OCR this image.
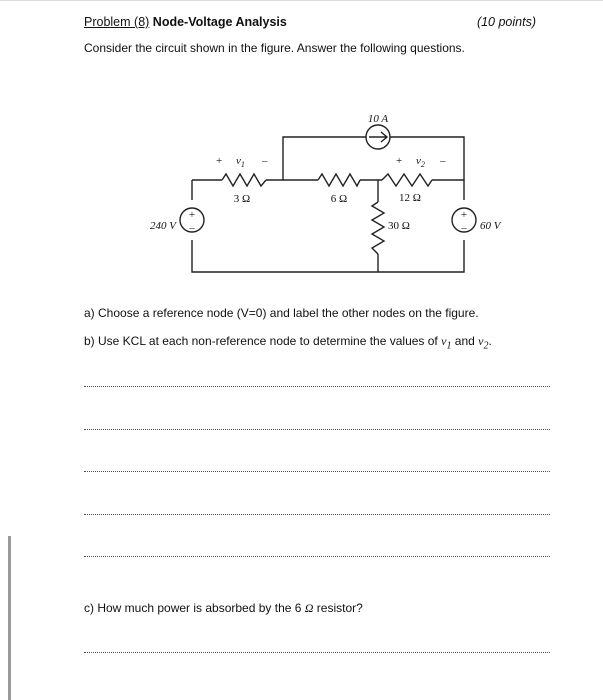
Problem (8) Node-Voltage Analysis	(10 points)
Consider the circuit shown in the figure. Answer the following questions.
+
–
+
–
10 A
3 Ω	6 Ω	12 Ω
30 Ω
240 V	60 V
+ $v_1$ –	+ $v_2$ –
a) Choose a reference node (V=0) and label the other nodes on the figure.
b) Use KCL at each non-reference node to determine the values of $v_1$ and $v_2$.
c) How much power is absorbed by the 6 Ω resistor?
